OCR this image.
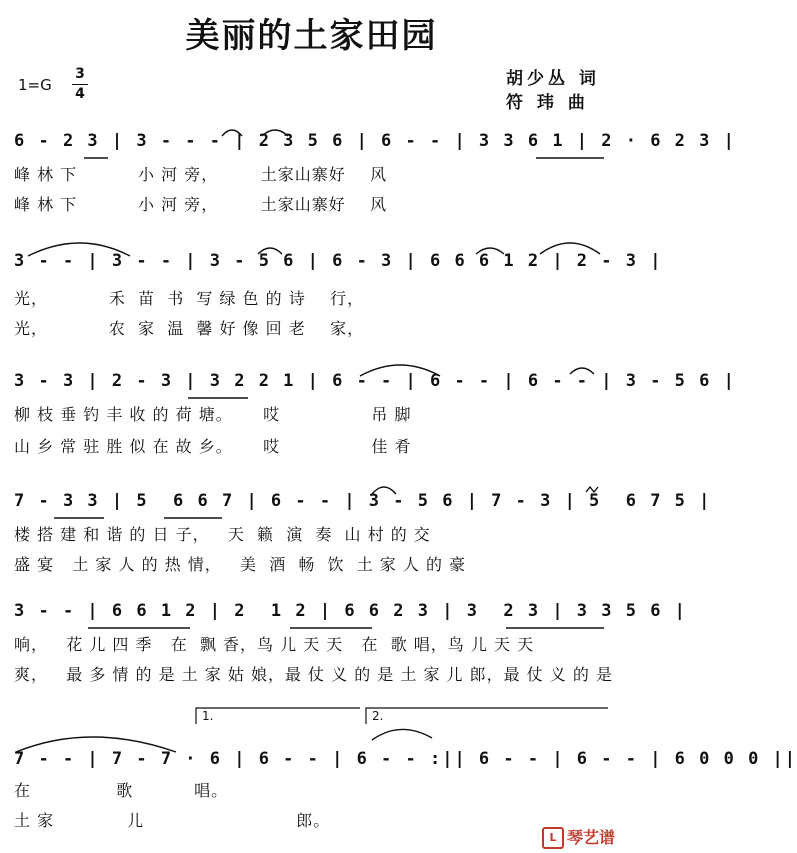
美丽的土家田园
1=G
3
4
胡少丛 词
符 玮 曲
6 - 2 3 | 3 - - - | 2 3 5 6 | 6 - - | 3 3 6 1 | 2 · 6 2 3 |
峰 林 下          小 河 旁，       土家山寨好    风
峰 林 下          小 河 旁，       土家山寨好    风
3 - - | 3 - - | 3 - 5 6 | 6 - 3 | 6 6 6 1 2 | 2 - 3 |
光，          禾  苗  书  写 绿 色 的 诗    行，
光，          农  家  温  馨 好 像 回 老    家，
3 - 3 | 2 - 3 | 3 2 2 1 | 6 - - | 6 - - | 6 - - | 3 - 5 6 |
柳 枝 垂 钓 丰 收 的 荷 塘。     哎               吊 脚
山 乡 常 驻 胜 似 在 故 乡。     哎               佳 肴
7 - 3 3 | 5  6 6 7 | 6 - - | 3 - 5 6 | 7 - 3 | 5  6 7 5 |
楼 搭 建 和 谐 的 日 子，   天  籁  演  奏  山 村 的 交
盛 宴   土 家 人 的 热 情，   美  酒  畅  饮  土 家 人 的 豪
3 - - | 6 6 1 2 | 2  1 2 | 6 6 2 3 | 3  2 3 | 3 3 5 6 |
响，   花 儿 四 季   在  飘 香，鸟 儿 天 天   在  歌 唱，鸟 儿 天 天
爽，   最 多 情 的 是 土 家 姑 娘，最 仗 义 的 是 土 家 儿 郎，最 仗 义 的 是
1.	2.
7 - - | 7 - 7 · 6 | 6 - - | 6 - - :|| 6 - - | 6 - - | 6 0 0 0 ||
在              歌          唱。
土 家            儿                         郎。
L 琴艺谱
